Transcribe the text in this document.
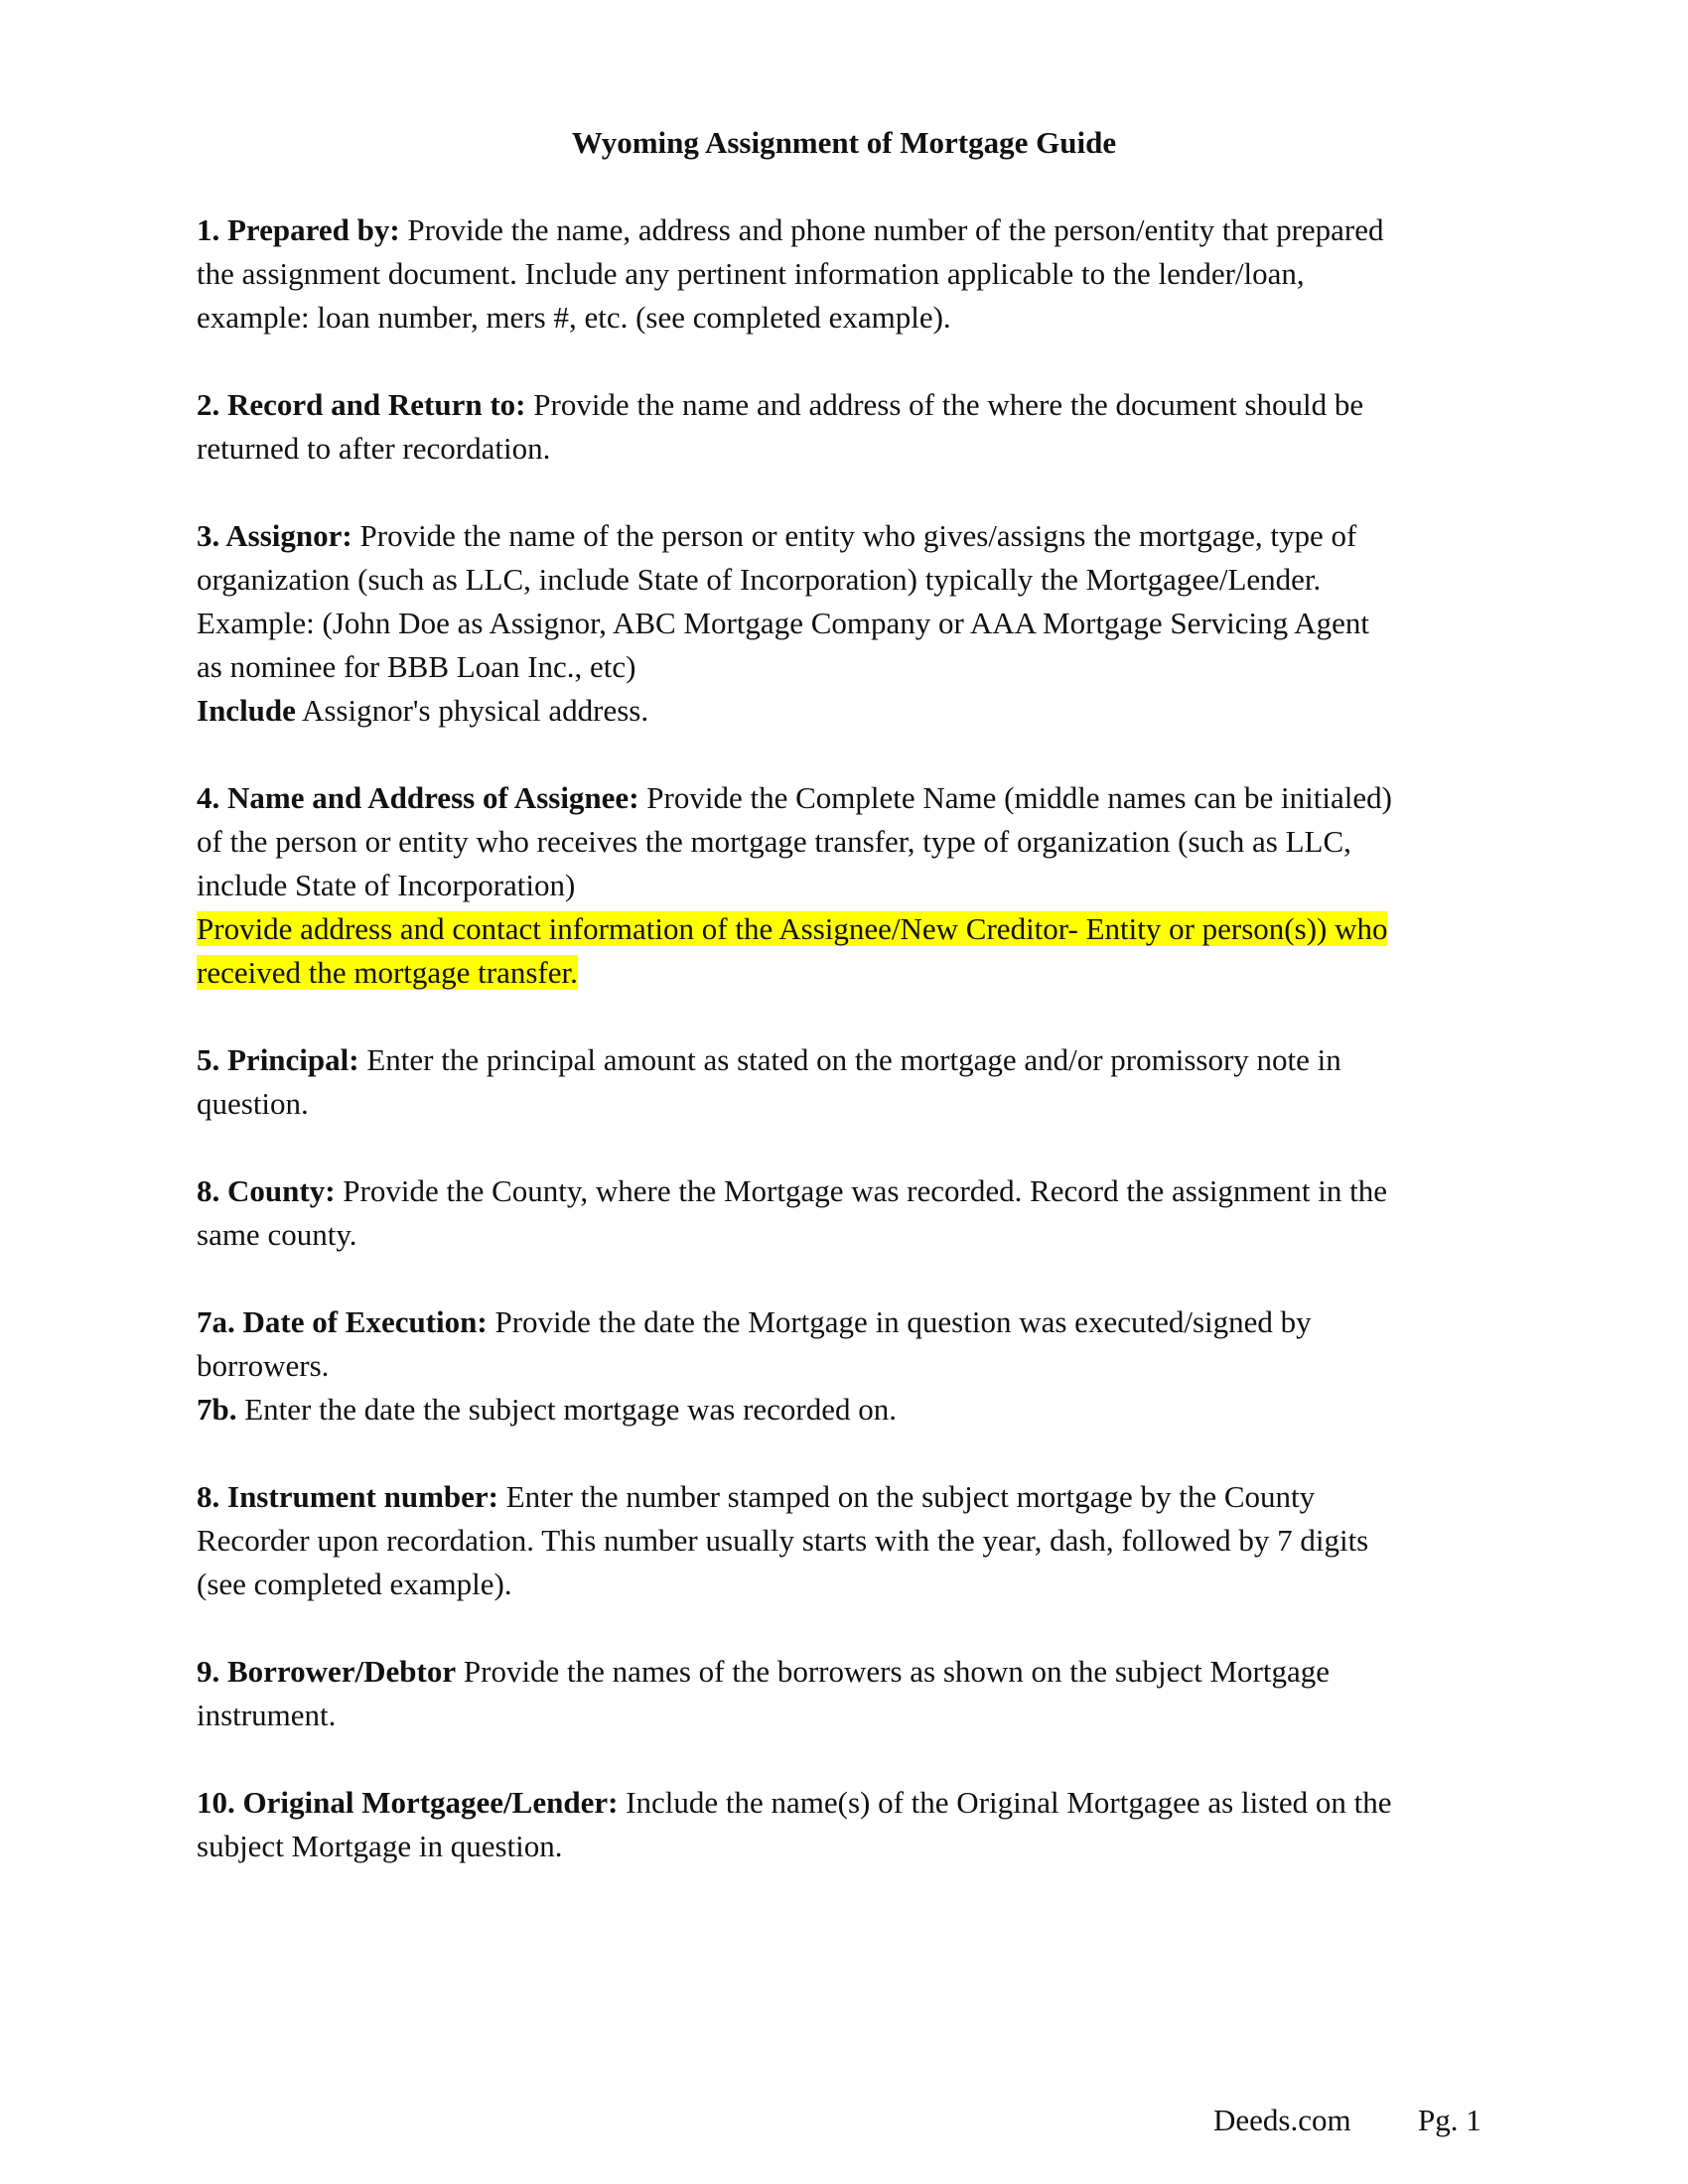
Wyoming Assignment of Mortgage Guide
1. Prepared by: Provide the name, address and phone number of the person/entity that prepared
the assignment document. Include any pertinent information applicable to the lender/loan,
example: loan number, mers #, etc. (see completed example).
2. Record and Return to: Provide the name and address of the where the document should be
returned to after recordation.
3. Assignor: Provide the name of the person or entity who gives/assigns the mortgage, type of
organization (such as LLC, include State of Incorporation) typically the Mortgagee/Lender.
Example: (John Doe as Assignor, ABC Mortgage Company or AAA Mortgage Servicing Agent
as nominee for BBB Loan Inc., etc)
Include Assignor's physical address.
4. Name and Address of Assignee: Provide the Complete Name (middle names can be initialed)
of the person or entity who receives the mortgage transfer, type of organization (such as LLC,
include State of Incorporation)
Provide address and contact information of the Assignee/New Creditor- Entity or person(s)) who
received the mortgage transfer.
5. Principal: Enter the principal amount as stated on the mortgage and/or promissory note in
question.
8. County: Provide the County, where the Mortgage was recorded. Record the assignment in the
same county.
7a. Date of Execution: Provide the date the Mortgage in question was executed/signed by
borrowers.
7b. Enter the date the subject mortgage was recorded on.
8. Instrument number: Enter the number stamped on the subject mortgage by the County
Recorder upon recordation. This number usually starts with the year, dash, followed by 7 digits
(see completed example).
9. Borrower/Debtor Provide the names of the borrowers as shown on the subject Mortgage
instrument.
10. Original Mortgagee/Lender: Include the name(s) of the Original Mortgagee as listed on the
subject Mortgage in question.
Deeds.com Pg. 1
